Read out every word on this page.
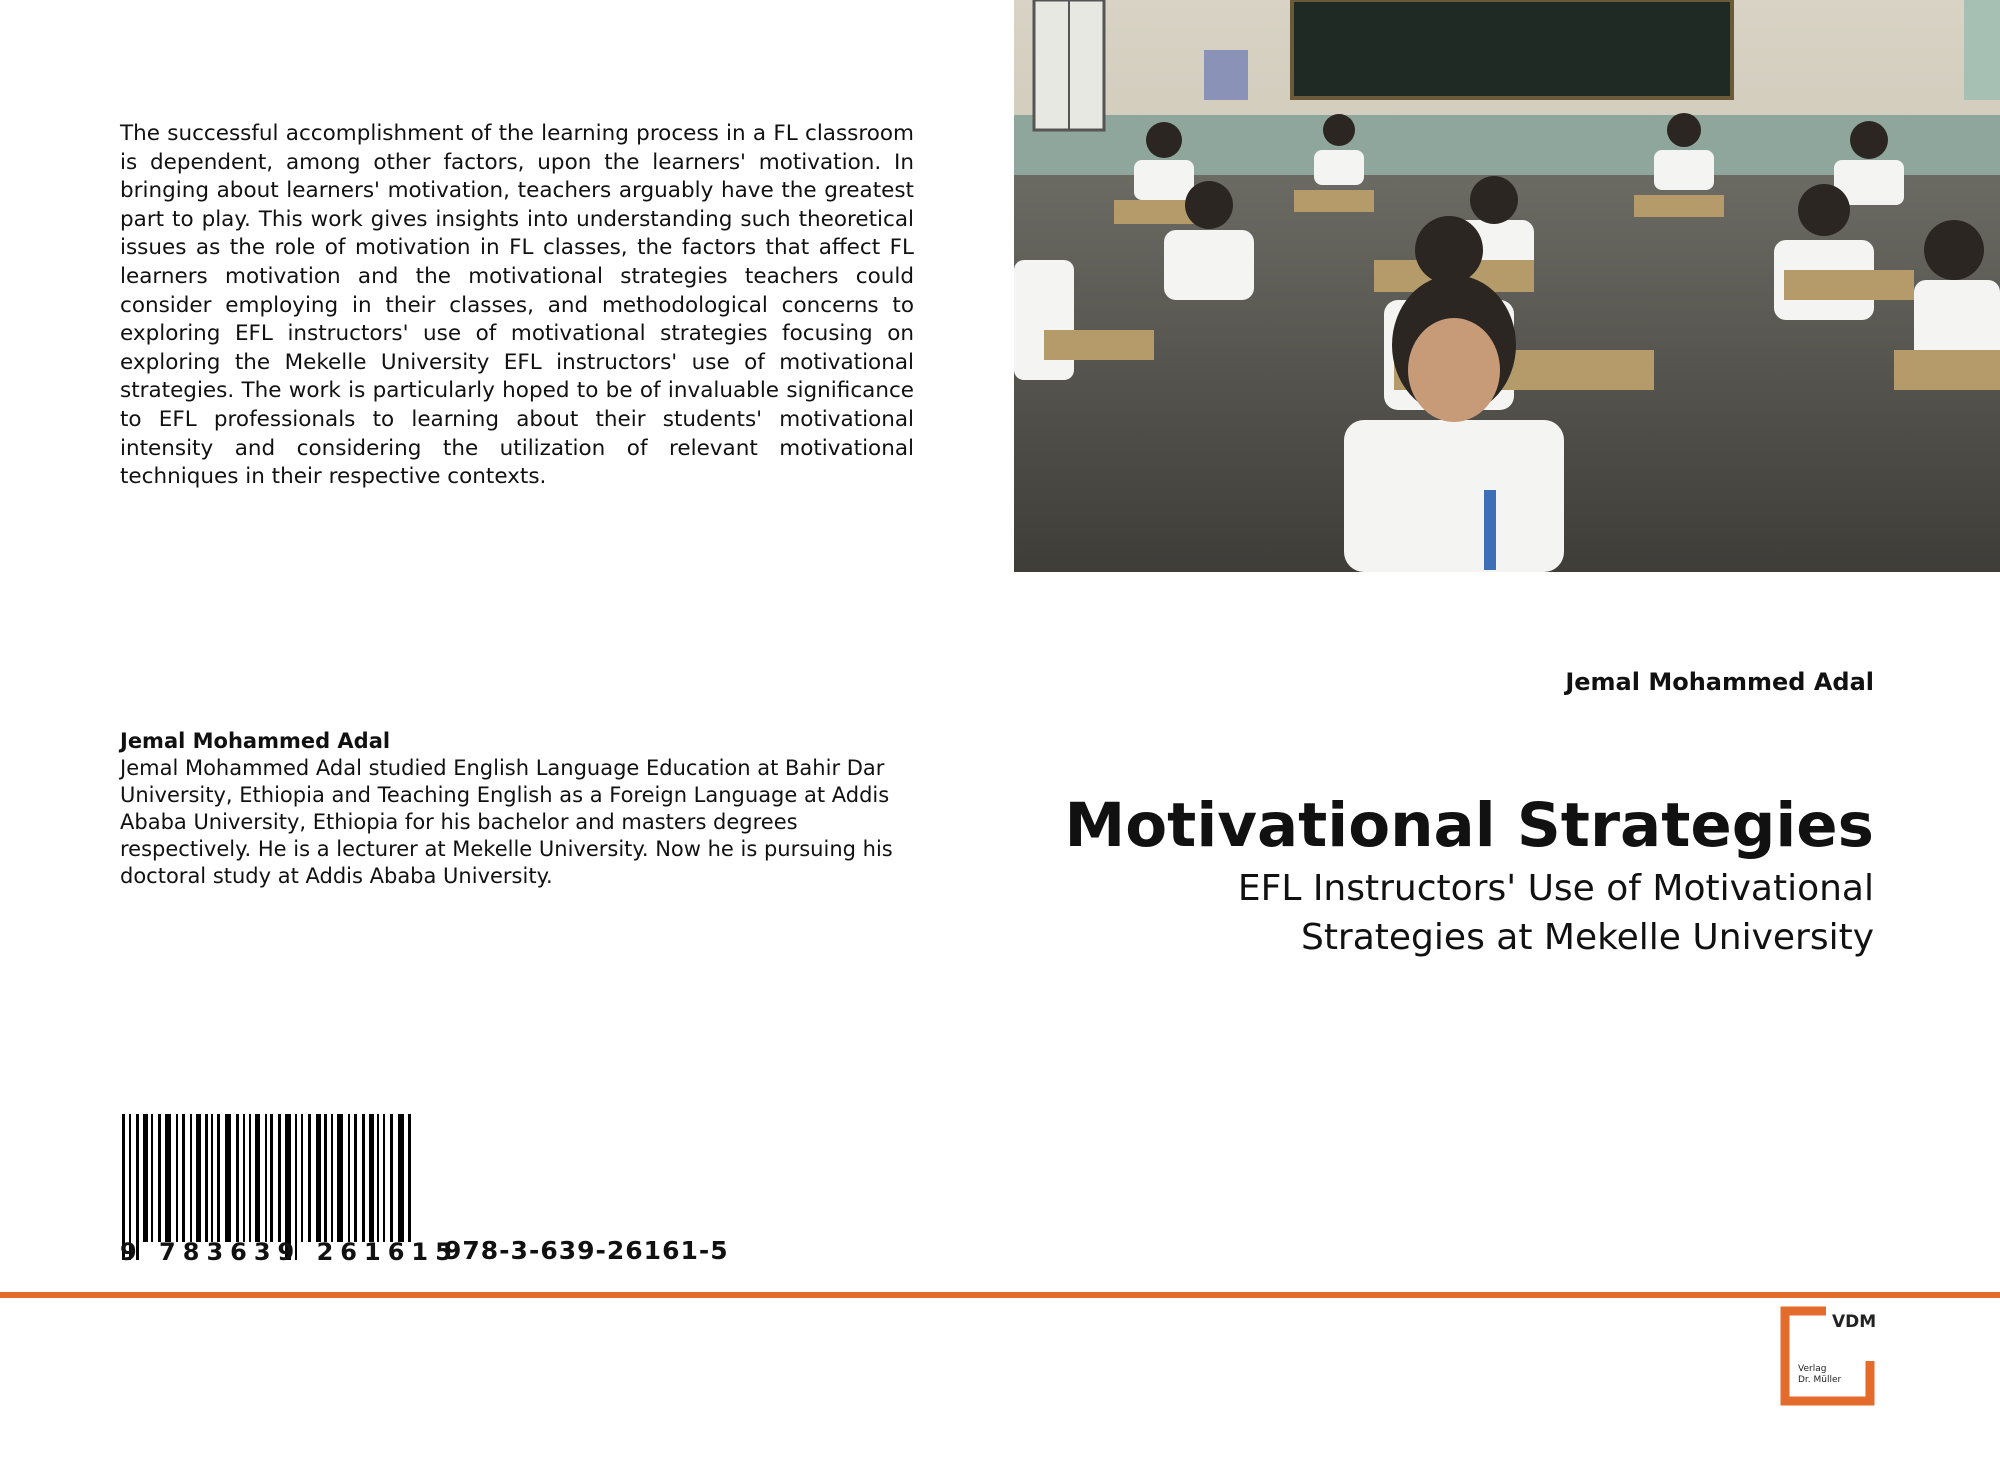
The successful accomplishment of the learning process in a FL classroom is dependent, among other factors, upon the learners' motivation. In bringing about learners' motivation, teachers arguably have the greatest part to play. This work gives insights into understanding such theoretical issues as the role of motivation in FL classes, the factors that affect FL learners motivation and the motivational strategies teachers could consider employing in their classes, and methodological concerns to exploring EFL instructors' use of motivational strategies focusing on exploring the Mekelle University EFL instructors' use of motivational strategies. The work is particularly hoped to be of invaluable significance to EFL professionals to learning about their students' motivational intensity and considering the utilization of relevant motivational techniques in their respective contexts.

Jemal Mohammed Adal

Jemal Mohammed Adal studied English Language Education at Bahir Dar University, Ethiopia and Teaching English as a Foreign Language at Addis Ababa University, Ethiopia for his bachelor and masters degrees respectively. He is a lecturer at Mekelle University. Now he is pursuing his doctoral study at Addis Ababa University.

Jemal Mohammed Adal

Motivational Strategies

EFL Instructors' Use of Motivational Strategies at Mekelle University

9 783639 261615
978-3-639-26161-5
VDM
Verlag
Dr. Müller
